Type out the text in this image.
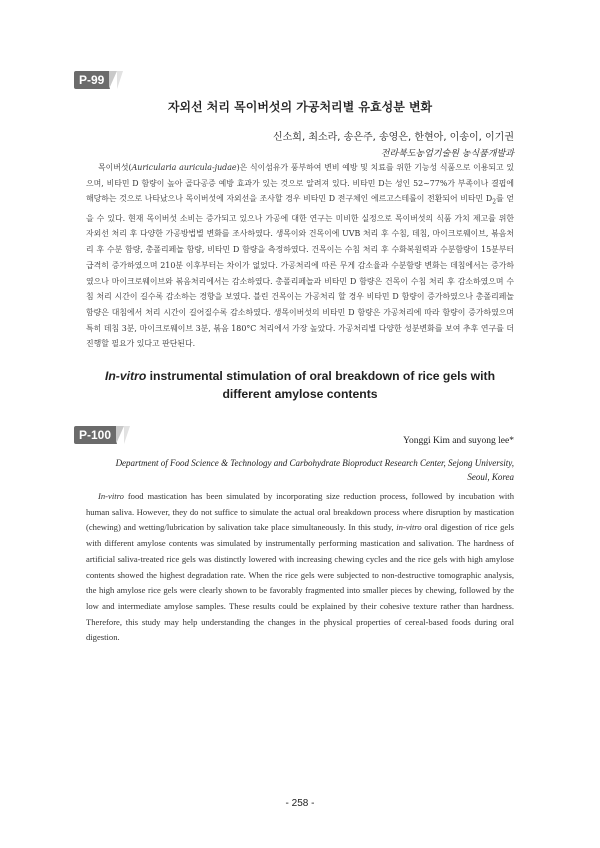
P-99
자외선 처리 목이버섯의 가공처리별 유효성분 변화
신소희, 최소라, 송은주, 송영은, 한현아, 이송이, 이기권
전라북도농업기술원 농식품개발과

목이버섯(Auricularia auricula-judae)은 식이섬유가 풍부하여 변비 예방 및 치료를 위한 기능성 식품으로 이용되고 있으며, 비타민 D 함량이 높아 골다공증 예방 효과가 있는 것으로 알려져 있다. 비타민 D는 성인 52~77%가 부족이나 결핍에 해당하는 것으로 나타났으나 목이버섯에 자외선을 조사할 경우 비타민 D 전구체인 에르고스테롤이 전환되어 비타민 $D_2$를 얻을 수 있다. 현재 목이버섯 소비는 증가되고 있으나 가공에 대한 연구는 미비한 실정으로 목이버섯의 식품 가치 제고를 위한 자외선 처리 후 다양한 가공방법별 변화를 조사하였다. 생목이와 건목이에 UVB 처리 후 수침, 데침, 마이크로웨이브, 볶음처리 후 수분 함량, 총폴리페놀 함량, 비타민 D 함량을 측정하였다. 건목이는 수침 처리 후 수화복원력과 수분함량이 15분부터 급격히 증가하였으며 210분 이후부터는 차이가 없었다. 가공처리에 따른 무게 감소율과 수분함량 변화는 데침에서는 증가하였으나 마이크로웨이브와 볶음처리에서는 감소하였다. 총폴리페놀과 비타민 D 함량은 건목이 수침 처리 후 감소하였으며 수침 처리 시간이 길수록 감소하는 경향을 보였다. 블린 건목이는 가공처리 할 경우 비타민 D 함량이 증가하였으나 총폴리페놀 함량은 대침에서 처리 시간이 길어질수록 감소하였다. 생목이버섯의 비타민 D 함량은 가공처리에 따라 함량이 증가하였으며 특히 데침 3분, 마이크로웨이브 3분, 볶음 180°C 처리에서 가장 높았다. 가공처리별 다양한 성분변화를 보여 추후 연구를 더 진행할 필요가 있다고 판단된다.

P-100
In-vitro instrumental stimulation of oral breakdown of rice gels with different amylose contents
Yonggi Kim and suyong lee*
Department of Food Science & Technology and Carbohydrate Bioproduct Research Center, Sejong University,
Seoul, Korea

In-vitro food mastication has been simulated by incorporating size reduction process, followed by incubation with human saliva. However, they do not suffice to simulate the actual oral breakdown process where disruption by mastication (chewing) and wetting/lubrication by salivation take place simultaneously. In this study, in-vitro oral digestion of rice gels with different amylose contents was simulated by instrumentally performing mastication and salivation. The hardness of artificial saliva-treated rice gels was distinctly lowered with increasing chewing cycles and the rice gels with high amylose contents showed the highest degradation rate. When the rice gels were subjected to non-destructive tomographic analysis, the high amylose rice gels were clearly shown to be favorably fragmented into smaller pieces by chewing, followed by the low and intermediate amylose samples. These results could be explained by their cohesive texture rather than hardness. Therefore, this study may help understanding the changes in the physical properties of cereal-based foods during oral digestion.

- 258 -
